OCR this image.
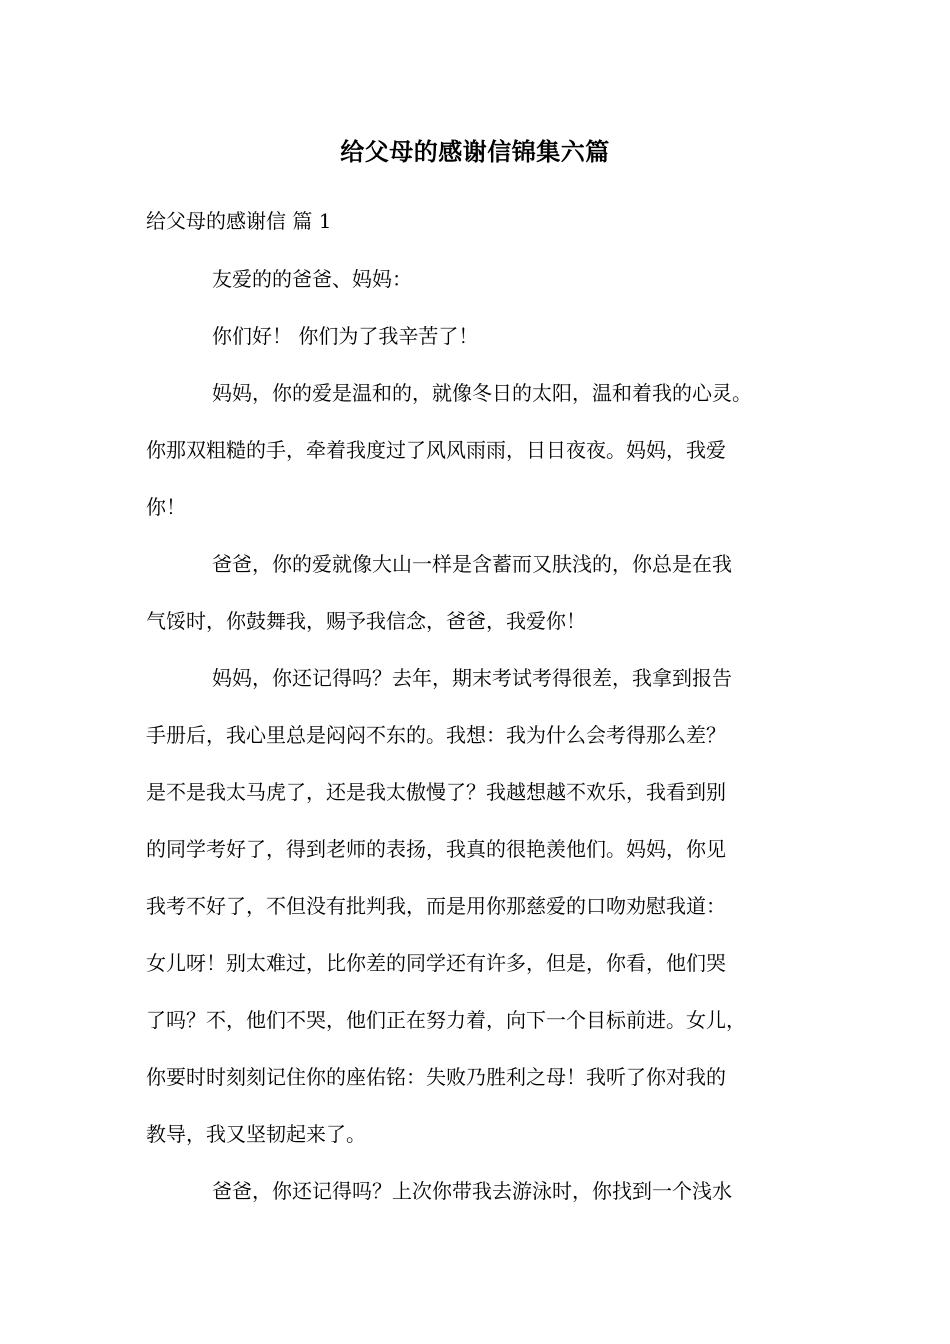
给父母的感谢信锦集六篇
给父母的感谢信 篇 1
友爱的的爸爸、妈妈：
你们好！ 你们为了我辛苦了！
妈妈，你的爱是温和的，就像冬日的太阳，温和着我的心灵。
你那双粗糙的手，牵着我度过了风风雨雨，日日夜夜。妈妈，我爱
你！
爸爸，你的爱就像大山一样是含蓄而又肤浅的，你总是在我
气馁时，你鼓舞我，赐予我信念，爸爸，我爱你！
妈妈，你还记得吗？去年，期末考试考得很差，我拿到报告
手册后，我心里总是闷闷不东的。我想：我为什么会考得那么差？
是不是我太马虎了，还是我太傲慢了？我越想越不欢乐，我看到别
的同学考好了，得到老师的表扬，我真的很艳羡他们。妈妈，你见
我考不好了，不但没有批判我，而是用你那慈爱的口吻劝慰我道：
女儿呀！别太难过，比你差的同学还有许多，但是，你看，他们哭
了吗？不，他们不哭，他们正在努力着，向下一个目标前进。女儿，
你要时时刻刻记住你的座佑铭：失败乃胜利之母！我听了你对我的
教导，我又坚韧起来了。
爸爸，你还记得吗？上次你带我去游泳时，你找到一个浅水
